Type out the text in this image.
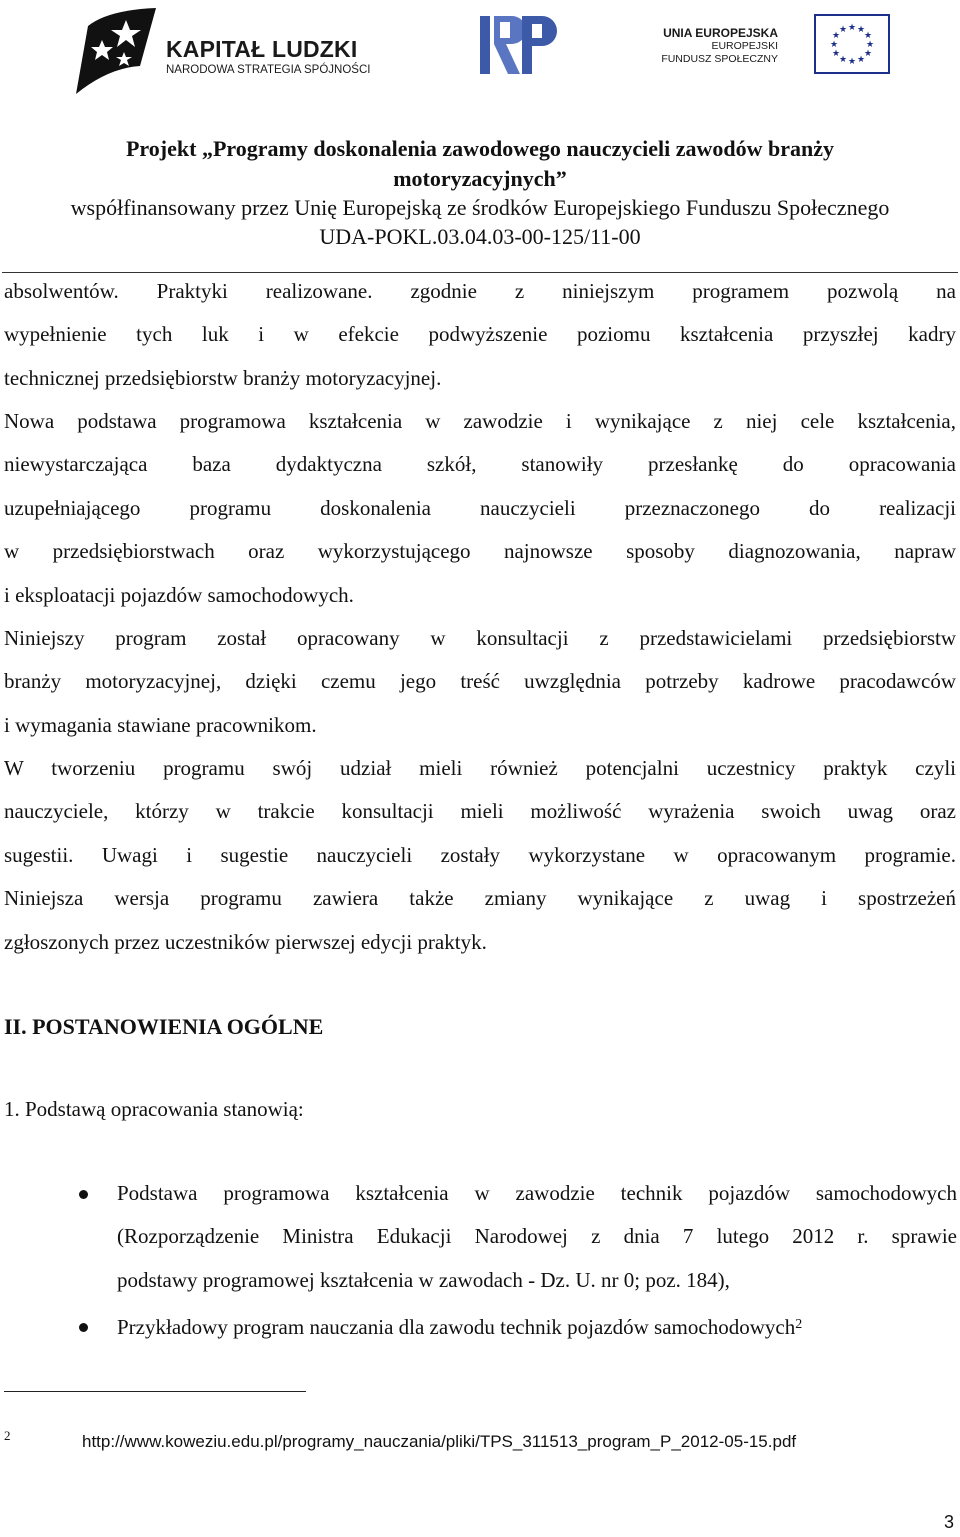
KAPITAŁ LUDZKI
NARODOWA STRATEGIA SPÓJNOŚCI
UNIA EUROPEJSKA
EUROPEJSKI
FUNDUSZ SPOŁECZNY
★ ★
★
★
★
★
★
★
★
★
★
★
Projekt „Programy doskonalenia zawodowego nauczycieli zawodów branży
motoryzacyjnych”
współfinansowany przez Unię Europejską ze środków Europejskiego Funduszu Społecznego
UDA-POKL.03.04.03-00-125/11-00
absolwentów. Praktyki realizowane. zgodnie z niniejszym programem pozwolą na
wypełnienie tych luk i w efekcie podwyższenie poziomu kształcenia przyszłej kadry
technicznej przedsiębiorstw branży motoryzacyjnej.
Nowa podstawa programowa kształcenia w zawodzie i wynikające z niej cele kształcenia,
niewystarczająca baza dydaktyczna szkół, stanowiły przesłankę do opracowania
uzupełniającego programu doskonalenia nauczycieli przeznaczonego do realizacji
w przedsiębiorstwach oraz wykorzystującego najnowsze sposoby diagnozowania, napraw
i eksploatacji pojazdów samochodowych.
Niniejszy program został opracowany w konsultacji z przedstawicielami przedsiębiorstw
branży motoryzacyjnej, dzięki czemu jego treść uwzględnia potrzeby kadrowe pracodawców
i wymagania stawiane pracownikom.
W tworzeniu programu swój udział mieli również potencjalni uczestnicy praktyk czyli
nauczyciele, którzy w trakcie konsultacji mieli możliwość wyrażenia swoich uwag oraz
sugestii. Uwagi i sugestie nauczycieli zostały wykorzystane w opracowanym programie.
Niniejsza wersja programu zawiera także zmiany wynikające z uwag i spostrzeżeń
zgłoszonych przez uczestników pierwszej edycji praktyk.
II. POSTANOWIENIA OGÓLNE
1. Podstawą opracowania stanowią:
Podstawa programowa kształcenia w zawodzie technik pojazdów samochodowych
(Rozporządzenie Ministra Edukacji Narodowej z dnia 7 lutego 2012 r. sprawie
podstawy programowej kształcenia w zawodach - Dz. U. nr 0; poz. 184),
Przykładowy program nauczania dla zawodu technik pojazdów samochodowych$^2$
2	http://www.koweziu.edu.pl/programy_nauczania/pliki/TPS_311513_program_P_2012-05-15.pdf
3
